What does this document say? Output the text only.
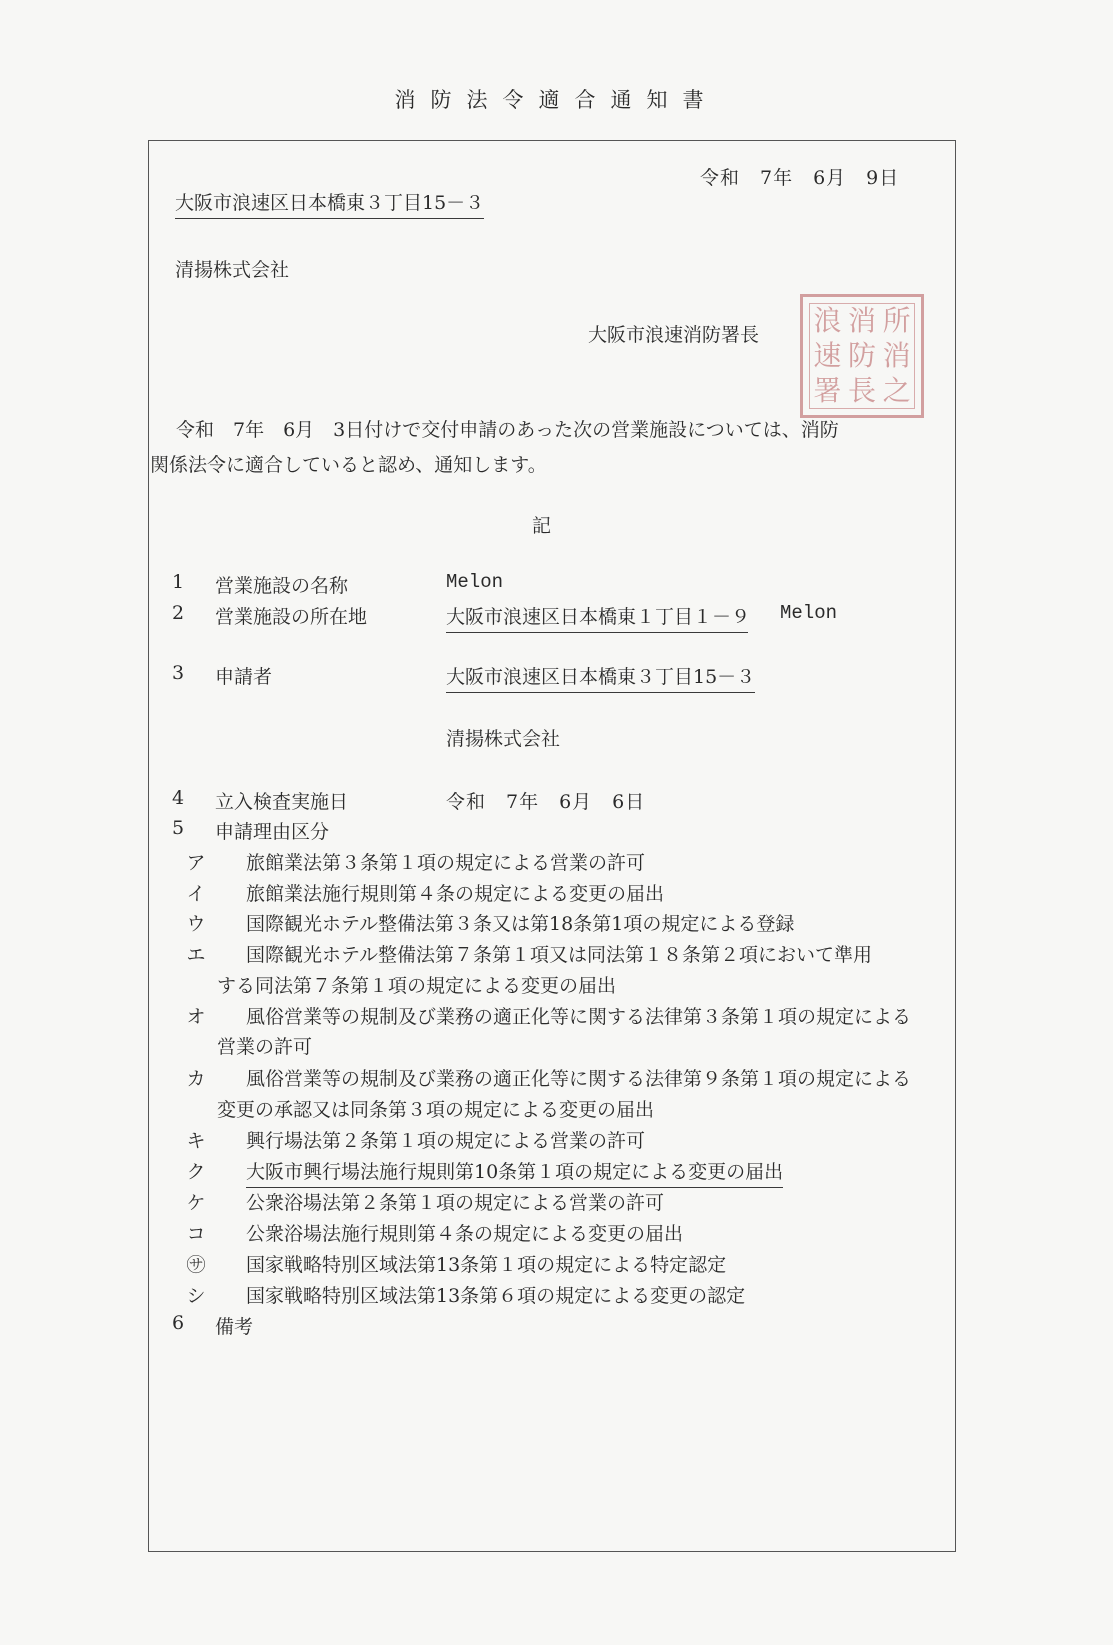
消防法令適合通知書
令和　7年　6月　9日
大阪市浪速区日本橋東３丁目15－３
清揚株式会社
大阪市浪速消防署長 浪 消 所
速 防 消
署 長 之
令和　7年　6月　3日付けで交付申請のあった次の営業施設については、消防
関係法令に適合していると認め、通知します。
記
1 営業施設の名称	Melon
2 営業施設の所在地	大阪市浪速区日本橋東１丁目１－９ Melon
3 申請者	大阪市浪速区日本橋東３丁目15－３
清揚株式会社
4 立入検査実施日	令和　7年　6月　6日
5 申請理由区分
ア 旅館業法第３条第１項の規定による営業の許可
イ 旅館業法施行規則第４条の規定による変更の届出
ウ 国際観光ホテル整備法第３条又は第18条第1項の規定による登録
エ 国際観光ホテル整備法第７条第１項又は同法第１８条第２項において準用
する同法第７条第１項の規定による変更の届出
オ 風俗営業等の規制及び業務の適正化等に関する法律第３条第１項の規定による
営業の許可
カ 風俗営業等の規制及び業務の適正化等に関する法律第９条第１項の規定による
変更の承認又は同条第３項の規定による変更の届出
キ 興行場法第２条第１項の規定による営業の許可
ク 大阪市興行場法施行規則第10条第１項の規定による変更の届出
ケ 公衆浴場法第２条第１項の規定による営業の許可
コ 公衆浴場法施行規則第４条の規定による変更の届出
㋚ 国家戦略特別区域法第13条第１項の規定による特定認定
シ 国家戦略特別区域法第13条第６項の規定による変更の認定
6 備考
